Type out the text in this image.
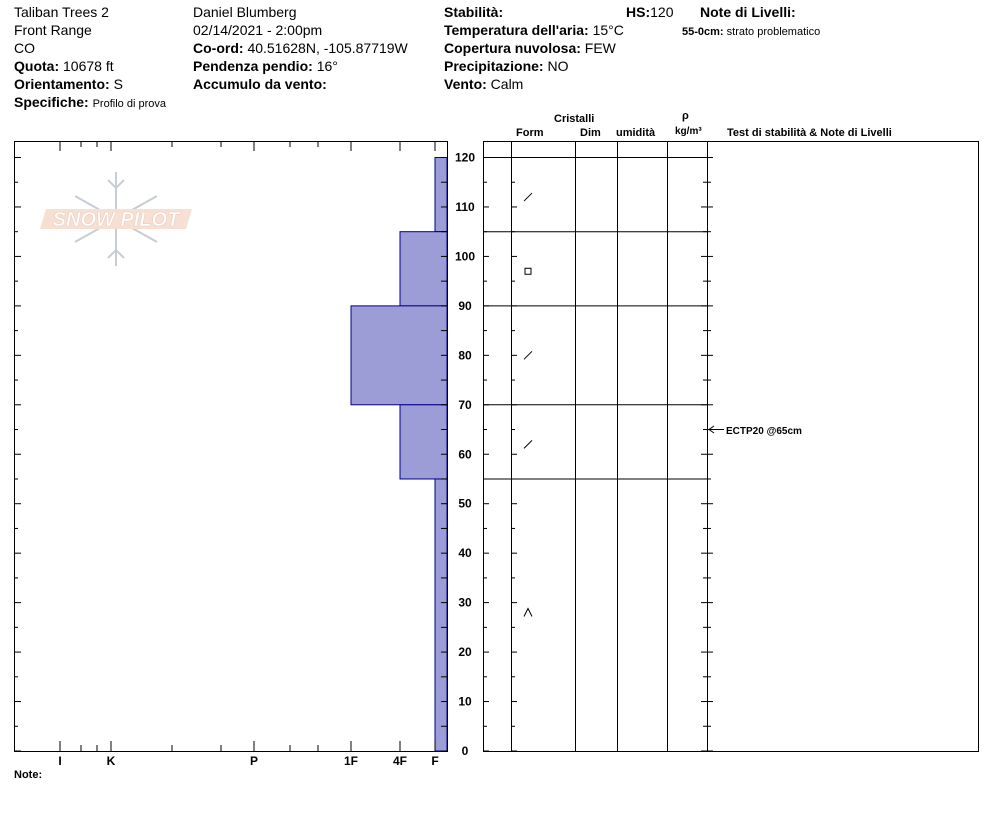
Taliban Trees 2
Front Range
CO
Quota: 10678 ft
Orientamento: S
Specifiche: Profilo di prova
Daniel Blumberg
02/14/2021 - 2:00pm
Co-ord: 40.51628N, -105.87719W
Pendenza pendio: 16°
Accumulo da vento:
Stabilità:
Temperatura dell'aria: 15°C
Copertura nuvolosa: FEW
Precipitazione: NO
Vento: Calm
HS:120 Note di Livelli:
55-0cm: strato problematico
Cristalli
Form	Dim umidità
ρ
kg/m³ Test di stabilità & Note di Livelli
Note:
ECTP20 @65cm
SNOW PILOT
I	K	P	1F	4F F
0
10
20
30
40
50
60
70
80
90
100
110
120
